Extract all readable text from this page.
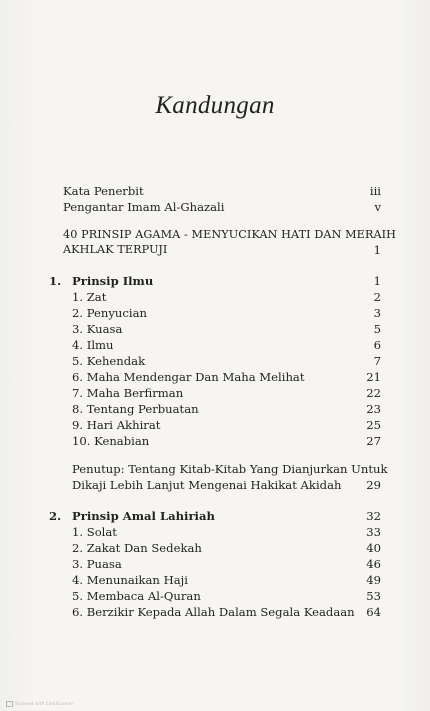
Kandungan
Kata Penerbit	iii
Pengantar Imam Al-Ghazali	v
40 PRINSIP AGAMA - MENYUCIKAN HATI DAN MERAIH
AKHLAK TERPUJI	1
1. Prinsip Ilmu	1
1. Zat	2
2. Penyucian	3
3. Kuasa	5
4. Ilmu	6
5. Kehendak	7
6. Maha Mendengar Dan Maha Melihat	21
7. Maha Berfirman	22
8. Tentang Perbuatan	23
9. Hari Akhirat	25
10. Kenabian	27
Penutup: Tentang Kitab-Kitab Yang Dianjurkan Untuk
Dikaji Lebih Lanjut Mengenai Hakikat Akidah 29
2. Prinsip Amal Lahiriah	32
1. Solat	33
2. Zakat Dan Sedekah	40
3. Puasa	46
4. Menunaikan Haji	49
5. Membaca Al-Quran	53
6. Berzikir Kepada Allah Dalam Segala Keadaan 64
Scanned with CamScanner
